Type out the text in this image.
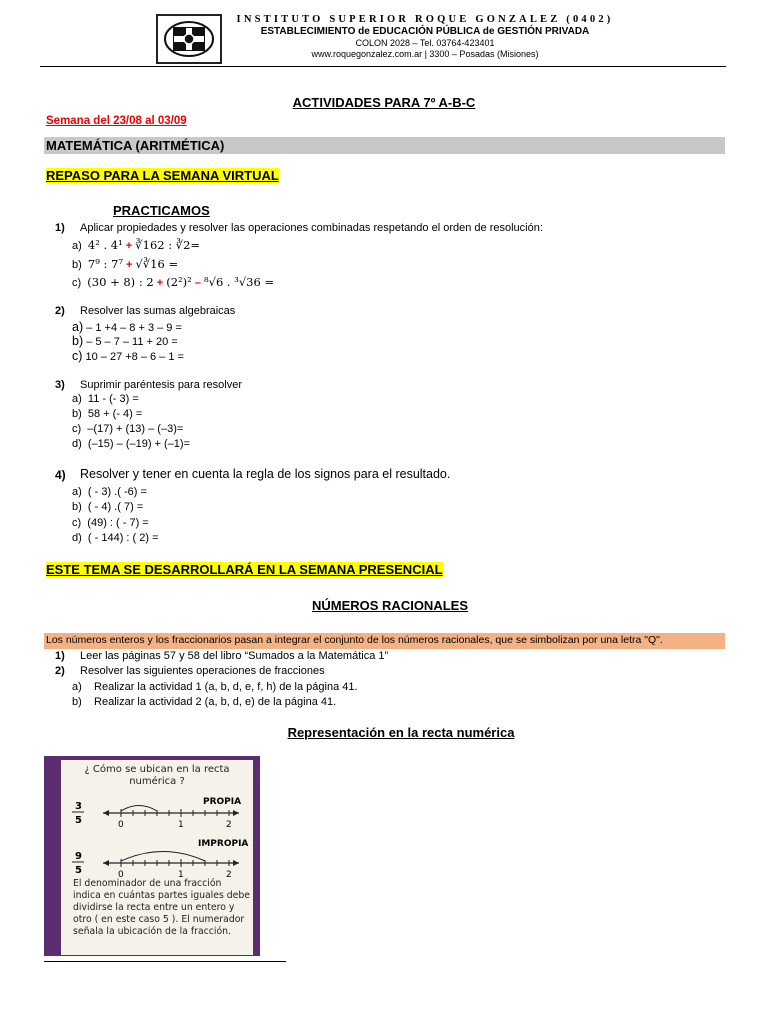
INSTITUTO SUPERIOR ROQUE GONZALEZ (0402)
ESTABLECIMIENTO de EDUCACIÓN PÚBLICA de GESTIÓN PRIVADA
COLON 2028 – Tel. 03764-423401
www.roquegonzalez.com.ar | 3300 – Posadas (Misiones)
ACTIVIDADES PARA 7º A-B-C
Semana del 23/08 al 03/09
MATEMÁTICA (ARITMÉTICA)
REPASO PARA LA SEMANA VIRTUAL
PRACTICAMOS
1) Aplicar propiedades y resolver las operaciones combinadas respetando el orden de resolución:
a) 4² . 4¹ + ∛162 : ∛2=
b) 7⁹ : 7⁷ + √∛16 =
c) (30 + 8) : 2 + (2²)² – ⁸√6 . ³√36 =
2) Resolver las sumas algebraicas
a) – 1 +4 – 8 + 3 – 9 =
b) – 5 – 7 – 11 + 20 =
c) 10 – 27 +8 – 6 – 1 =
3) Suprimir paréntesis para resolver
a) 11 - (- 3) =
b) 58 + (- 4) =
c) –(17) + (13) – (–3)=
d) (–15) – (–19) + (–1)=
4) Resolver y tener en cuenta la regla de los signos para el resultado.
a) ( - 3) .( -6) =
b) ( - 4) .( 7) =
c)  (49) : ( - 7) =
d) ( - 144) : ( 2) =
ESTE TEMA SE DESARROLLARÁ EN LA SEMANA PRESENCIAL
NÚMEROS RACIONALES
Los números enteros y los fraccionarios pasan a integrar el conjunto de los números racionales, que se simbolizan por una letra "Q".
1) Leer las páginas 57 y 58 del libro “Sumados a la Matemática 1”
2) Resolver las siguientes operaciones de fracciones
a) Realizar la actividad 1 (a, b, d, e, f, h) de la página 41.
b) Realizar la actividad 2 (a, b, d, e) de la página 41.
Representación en la recta numérica
¿ Cómo se ubican en la recta
numérica ?
3
5
PROPIA
0	1	2
9
5
IMPROPIA
0	1	2
El denominador de una fracción indica en cuántas partes iguales debe dividirse la recta entre un entero y otro ( en este caso 5 ). El numerador señala la ubicación de la fracción.
